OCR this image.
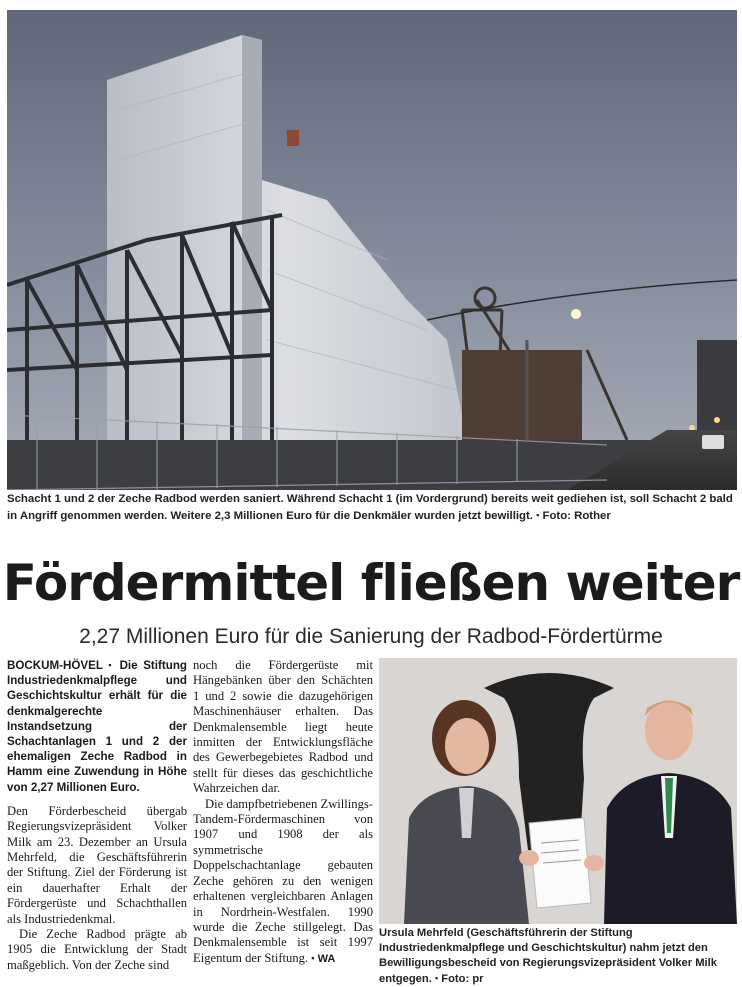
Schacht 1 und 2 der Zeche Radbod werden saniert. Während Schacht 1 (im Vordergrund) bereits weit gediehen ist, soll Schacht 2 bald in Angriff genommen werden. Weitere 2,3 Millionen Euro für die Denkmäler wurden jetzt bewilligt. ▪ Foto: Rother
Fördermittel fließen weiter
2,27 Millionen Euro für die Sanierung der Radbod-Fördertürme

BOCKUM-HÖVEL ▪ Die Stiftung Industriedenkmalpflege und Geschichtskultur erhält für die denkmalgerechte Instandsetzung der Schachtanlagen 1 und 2 der ehemaligen Zeche Radbod in Hamm eine Zuwendung in Höhe von 2,27 Millionen Euro.

Den Förderbescheid übergab Regierungsvizepräsident Volker Milk am 23. Dezember an Ursula Mehrfeld, die Geschäftsführerin der Stiftung. Ziel der Förderung ist ein dauerhafter Erhalt der Fördergerüste und Schachthallen als Industriedenkmal.

Die Zeche Radbod prägte ab 1905 die Entwicklung der Stadt maßgeblich. Von der Zeche sind

noch die Fördergerüste mit Hängebänken über den Schächten 1 und 2 sowie die dazugehörigen Maschinenhäuser erhalten. Das Denkmalensemble liegt heute inmitten der Entwicklungsfläche des Gewerbegebietes Radbod und stellt für dieses das geschichtliche Wahrzeichen dar.

Die dampfbetriebenen Zwillings-Tandem-Fördermaschinen von 1907 und 1908 der als symmetrische Doppelschachtanlage gebauten Zeche gehören zu den wenigen erhaltenen vergleichbaren Anlagen in Nordrhein-Westfalen. 1990 wurde die Zeche stillgelegt. Das Denkmalensemble ist seit 1997 Eigentum der Stiftung. ▪ WA

Ursula Mehrfeld (Geschäftsführerin der Stiftung Industriedenkmalpflege und Geschichtskultur) nahm jetzt den Bewilligungsbescheid von Regierungsvizepräsident Volker Milk entgegen. ▪ Foto: pr
